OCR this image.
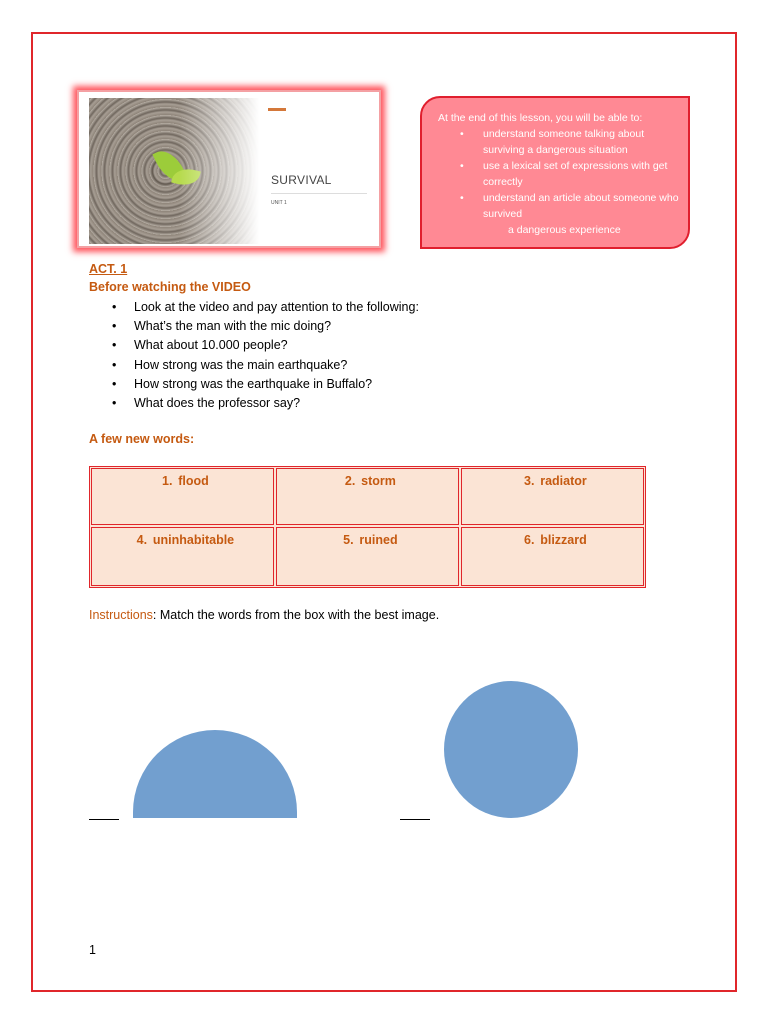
SURVIVAL
UNIT 1
At the end of this lesson, you will be able to:
• understand someone talking about surviving a dangerous situation
• use a lexical set of expressions with get correctly
• understand an article about someone who survived
a dangerous experience
ACT. 1
Before watching the VIDEO
• Look at the video and pay attention to the following:
• What’s the man with the mic doing?
• What about 10.000 people?
• How strong was the main earthquake?
• How strong was the earthquake in Buffalo?
• What does the professor say?
A few new words:
1. flood	2. storm	3. radiator
4. uninhabitable	5. ruined	6. blizzard
Instructions: Match the words from the box with the best image.
1
